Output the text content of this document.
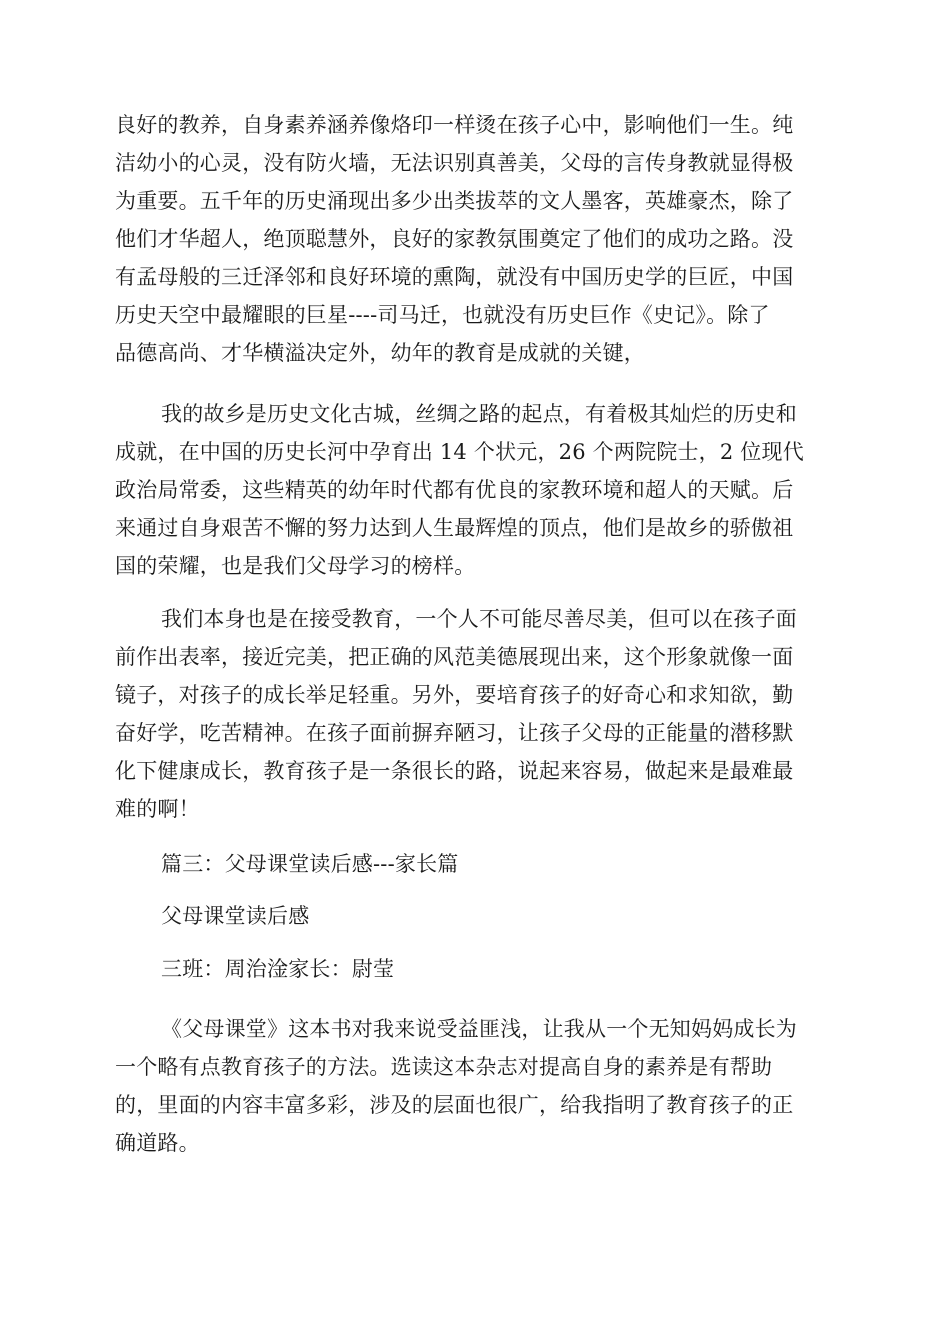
良好的教养，自身素养涵养像烙印一样烫在孩子心中，影响他们一生。纯
洁幼小的心灵，没有防火墙，无法识别真善美，父母的言传身教就显得极
为重要。五千年的历史涌现出多少出类拔萃的文人墨客，英雄豪杰，除了
他们才华超人，绝顶聪慧外，良好的家教氛围奠定了他们的成功之路。没
有孟母般的三迁泽邻和良好环境的熏陶，就没有中国历史学的巨匠，中国
历史天空中最耀眼的巨星----司马迁，也就没有历史巨作《史记》。除了
品德高尚、才华横溢决定外，幼年的教育是成就的关键，

我的故乡是历史文化古城，丝绸之路的起点，有着极其灿烂的历史和
成就，在中国的历史长河中孕育出 14 个状元，26 个两院院士，2 位现代
政治局常委，这些精英的幼年时代都有优良的家教环境和超人的天赋。后
来通过自身艰苦不懈的努力达到人生最辉煌的顶点，他们是故乡的骄傲祖
国的荣耀，也是我们父母学习的榜样。

我们本身也是在接受教育，一个人不可能尽善尽美，但可以在孩子面
前作出表率，接近完美，把正确的风范美德展现出来，这个形象就像一面
镜子，对孩子的成长举足轻重。另外，要培育孩子的好奇心和求知欲，勤
奋好学，吃苦精神。在孩子面前摒弃陋习，让孩子父母的正能量的潜移默
化下健康成长，教育孩子是一条很长的路，说起来容易，做起来是最难最
难的啊！

篇三：父母课堂读后感---家长篇

父母课堂读后感

三班：周治淦家长：尉莹

《父母课堂》这本书对我来说受益匪浅，让我从一个无知妈妈成长为
一个略有点教育孩子的方法。选读这本杂志对提高自身的素养是有帮助
的，里面的内容丰富多彩，涉及的层面也很广，给我指明了教育孩子的正
确道路。
